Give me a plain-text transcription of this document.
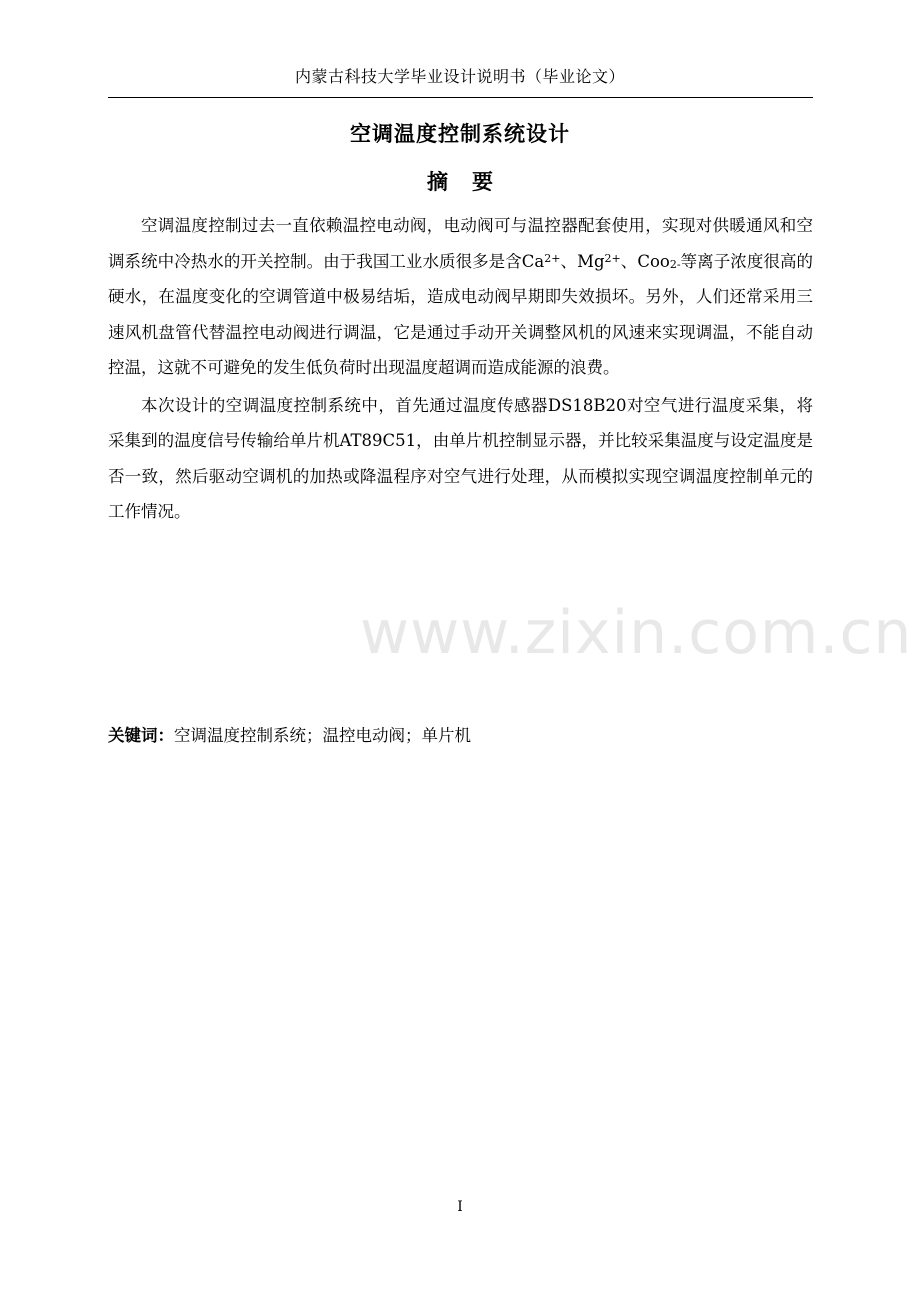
内蒙古科技大学毕业设计说明书（毕业论文）
空调温度控制系统设计
摘 要

空调温度控制过去一直依赖温控电动阀，电动阀可与温控器配套使用，实现对供暖通风和空调系统中冷热水的开关控制。由于我国工业水质很多是含$Ca^{2+}$、$Mg^{2+}$、Coo$_{2-}$等离子浓度很高的硬水，在温度变化的空调管道中极易结垢，造成电动阀早期即失效损坏。另外，人们还常采用三速风机盘管代替温控电动阀进行调温，它是通过手动开关调整风机的风速来实现调温，不能自动控温，这就不可避免的发生低负荷时出现温度超调而造成能源的浪费。

本次设计的空调温度控制系统中，首先通过温度传感器DS18B20对空气进行温度采集，将采集到的温度信号传输给单片机AT89C51，由单片机控制显示器，并比较采集温度与设定温度是否一致，然后驱动空调机的加热或降温程序对空气进行处理，从而模拟实现空调温度控制单元的工作情况。

关键词：空调温度控制系统；温控电动阀；单片机
www.zixin.com.cn
I
